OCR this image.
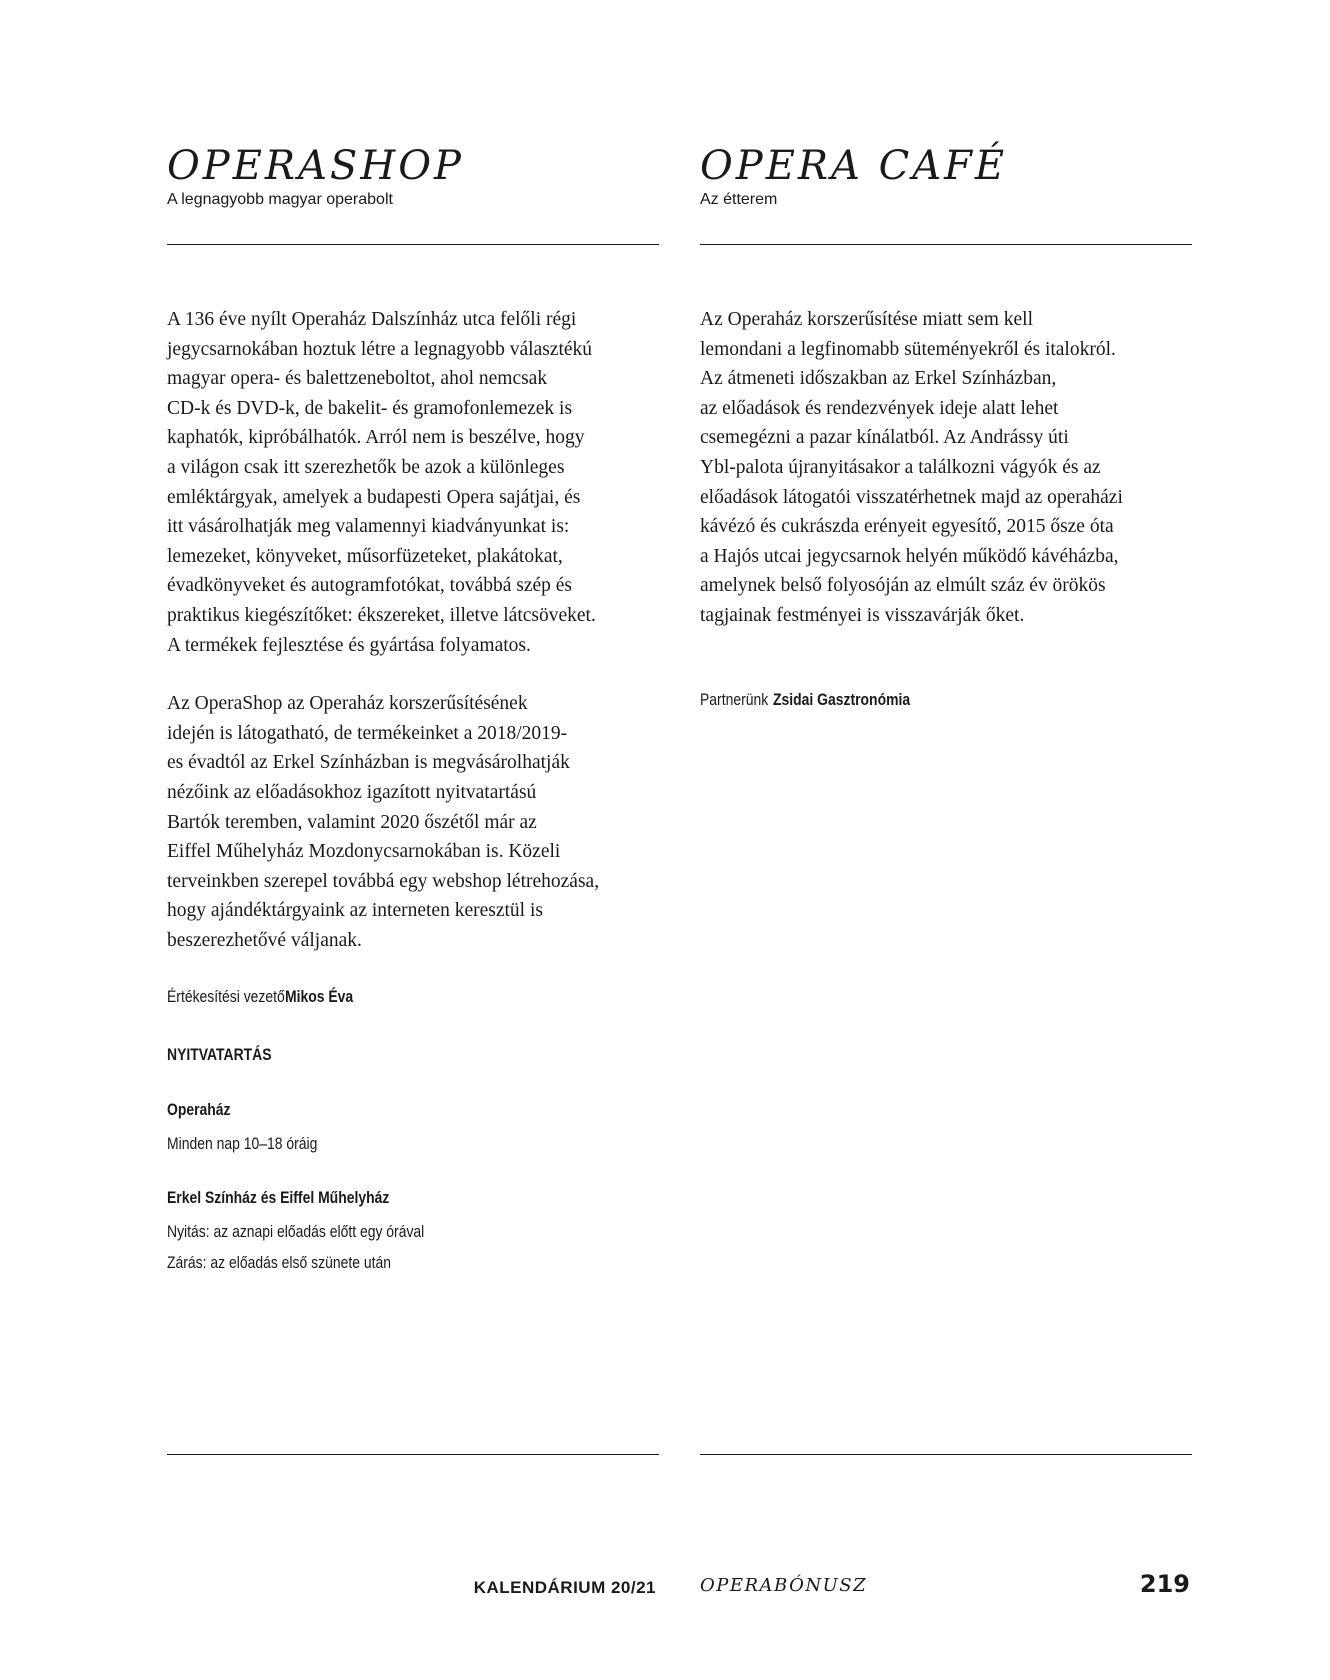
OPERASHOP
A legnagyobb magyar operabolt

A 136 éve nyílt Operaház Dalszínház utca felőli régi
jegycsarnokában hoztuk létre a legnagyobb választékú
magyar opera- és balettzeneboltot, ahol nemcsak
CD-k és DVD-k, de bakelit- és gramofonlemezek is
kaphatók, kipróbálhatók. Arról nem is beszélve, hogy
a világon csak itt szerezhetők be azok a különleges
emléktárgyak, amelyek a budapesti Opera sajátjai, és
itt vásárolhatják meg valamennyi kiadványunkat is:
lemezeket, könyveket, műsorfüzeteket, plakátokat,
évadkönyveket és autogramfotókat, továbbá szép és
praktikus kiegészítőket: ékszereket, illetve látcsöveket.
A termékek fejlesztése és gyártása folyamatos.

Az OperaShop az Operaház korszerűsítésének
idején is látogatható, de termékeinket a 2018/2019-
es évadtól az Erkel Színházban is megvásárolhatják
nézőink az előadásokhoz igazított nyitvatartású
Bartók teremben, valamint 2020 őszétől már az
Eiffel Műhelyház Mozdonycsarnokában is. Közeli
terveinkben szerepel továbbá egy webshop létrehozása,
hogy ajándéktárgyaink az interneten keresztül is
beszerezhetővé váljanak.

Értékesítési vezetőMikos Éva
NYITVATARTÁS
Operaház
Minden nap 10–18 óráig
Erkel Színház és Eiffel Műhelyház
Nyitás: az aznapi előadás előtt egy órával
Zárás: az előadás első szünete után
OPERA CAFÉ
Az étterem

Az Operaház korszerűsítése miatt sem kell
lemondani a legfinomabb süteményekről és italokról.
Az átmeneti időszakban az Erkel Színházban,
az előadások és rendezvények ideje alatt lehet
csemegézni a pazar kínálatból. Az Andrássy úti
Ybl-palota újranyitásakor a találkozni vágyók és az
előadások látogatói visszatérhetnek majd az operaházi
kávézó és cukrászda erényeit egyesítő, 2015 ősze óta
a Hajós utcai jegycsarnok helyén működő kávéházba,
amelynek belső folyosóján az elmúlt száz év örökös
tagjainak festményei is visszavárják őket.

Partnerünk Zsidai Gasztronómia
KALENDÁRIUM 20/21 OPERABÓNUSZ	219
